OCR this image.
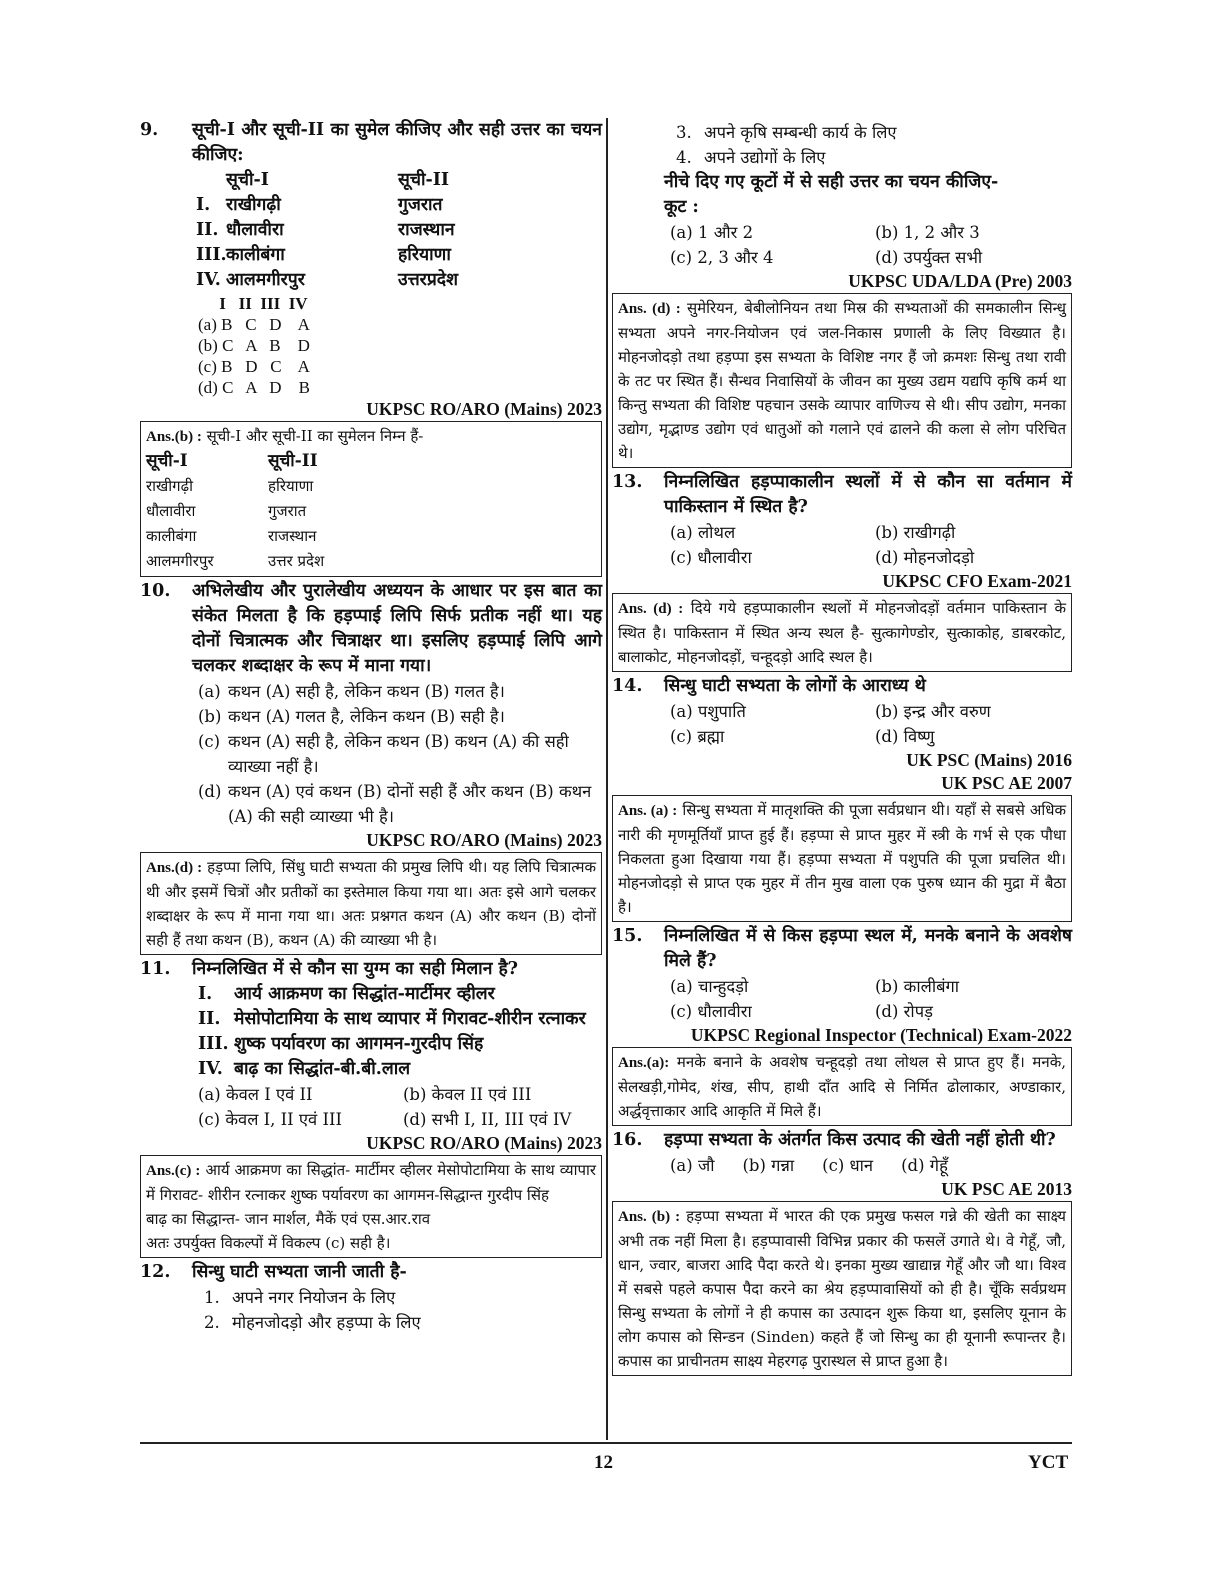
9.	सूची-I और सूची-II का सुमेल कीजिए और सही उत्तर का चयन कीजिए:
सूची-I	सूची-II
I. राखीगढ़ी	गुजरात
II. धौलावीरा	राजस्थान
III. कालीबंगा	हरियाणा
IV. आलमगीरपुर	उत्तरप्रदेश
I   II  III  IV
(a) B   C   D    A
(b) C   A   B    D
(c) B   D   C    A
(d) C   A   D    B
UKPSC RO/ARO (Mains) 2023
Ans.(b) : सूची-I और सूची-II का सुमेलन निम्न हैं-
सूची-I	सूची-II
राखीगढ़ी	हरियाणा
धौलावीरा	गुजरात
कालीबंगा	राजस्थान
आलमगीरपुर	उत्तर प्रदेश
10.	अभिलेखीय और पुरालेखीय अध्ययन के आधार पर इस बात का संकेत मिलता है कि हड़प्पाई लिपि सिर्फ प्रतीक नहीं था। यह दोनों चित्रात्मक और चित्राक्षर था। इसलिए हड़प्पाई लिपि आगे चलकर शब्दाक्षर के रूप में माना गया।
(a) कथन (A) सही है, लेकिन कथन (B) गलत है।
(b) कथन (A) गलत है, लेकिन कथन (B) सही है।
(c) कथन (A) सही है, लेकिन कथन (B) कथन (A) की सही व्याख्या नहीं है।
(d) कथन (A) एवं कथन (B) दोनों सही हैं और कथन (B) कथन (A) की सही व्याख्या भी है।
UKPSC RO/ARO (Mains) 2023
Ans.(d) : हड़प्पा लिपि, सिंधु घाटी सभ्यता की प्रमुख लिपि थी। यह लिपि चित्रात्मक थी और इसमें चित्रों और प्रतीकों का इस्तेमाल किया गया था। अतः इसे आगे चलकर शब्दाक्षर के रूप में माना गया था। अतः प्रश्नगत कथन (A) और कथन (B) दोनों सही हैं तथा कथन (B), कथन (A) की व्याख्या भी है।
11.	निम्नलिखित में से कौन सा युग्म का सही मिलान है?
I.	आर्य आक्रमण का सिद्धांत-मार्टीमर व्हीलर
II. मेसोपोटामिया के साथ व्यापार में गिरावट-शीरीन रत्नाकर
III. शुष्क पर्यावरण का आगमन-गुरदीप सिंह
IV. बाढ़ का सिद्धांत-बी.बी.लाल
(a) केवल I एवं II	(b) केवल II एवं III
(c) केवल I, II एवं III	(d) सभी I, II, III एवं IV
UKPSC RO/ARO (Mains) 2023
Ans.(c) : आर्य आक्रमण का सिद्धांत- मार्टीमर व्हीलर मेसोपोटामिया के साथ व्यापार में गिरावट- शीरीन रत्नाकर शुष्क पर्यावरण का आगमन-सिद्धान्त गुरदीप सिंह
बाढ़ का सिद्धान्त- जान मार्शल, मैकें एवं एस.आर.राव
अतः उपर्युक्त विकल्पों में विकल्प (c) सही है।
12.	सिन्धु घाटी सभ्यता जानी जाती है-
1. अपने नगर नियोजन के लिए
2. मोहनजोदड़ो और हड़प्पा के लिए
3. अपने कृषि सम्बन्धी कार्य के लिए
4. अपने उद्योगों के लिए
नीचे दिए गए कूटों में से सही उत्तर का चयन कीजिए-
कूट :
(a) 1 और 2	(b) 1, 2 और 3
(c) 2, 3 और 4	(d) उपर्युक्त सभी
UKPSC UDA/LDA (Pre) 2003
Ans. (d) : सुमेरियन, बेबीलोनियन तथा मिस्र की सभ्यताओं की समकालीन सिन्धु सभ्यता अपने नगर-नियोजन एवं जल-निकास प्रणाली के लिए विख्यात है। मोहनजोदड़ो तथा हड़प्पा इस सभ्यता के विशिष्ट नगर हैं जो क्रमशः सिन्धु तथा रावी के तट पर स्थित हैं। सैन्धव निवासियों के जीवन का मुख्य उद्यम यद्यपि कृषि कर्म था किन्तु सभ्यता की विशिष्ट पहचान उसके व्यापार वाणिज्य से थी। सीप उद्योग, मनका उद्योग, मृद्भाण्ड उद्योग एवं धातुओं को गलाने एवं ढालने की कला से लोग परिचित थे।
13.	निम्नलिखित हड़प्पाकालीन स्थलों में से कौन सा वर्तमान में पाकिस्तान में स्थित है?
(a) लोथल	(b) राखीगढ़ी
(c) धौलावीरा	(d) मोहनजोदड़ो
UKPSC CFO Exam-2021
Ans. (d) : दिये गये हड़प्पाकालीन स्थलों में मोहनजोदड़ों वर्तमान पाकिस्तान के स्थित है। पाकिस्तान में स्थित अन्य स्थल है- सुत्कागेण्डोर, सुत्काकोह, डाबरकोट, बालाकोट, मोहनजोदड़ों, चन्हूदड़ो आदि स्थल है।
14.	सिन्धु घाटी सभ्यता के लोगों के आराध्य थे
(a) पशुपाति	(b) इन्द्र और वरुण
(c) ब्रह्मा	(d) विष्णु
UK PSC (Mains) 2016
UK PSC AE 2007
Ans. (a) : सिन्धु सभ्यता में मातृशक्ति की पूजा सर्वप्रधान थी। यहाँ से सबसे अधिक नारी की मृणमूर्तियाँ प्राप्त हुई हैं। हड़प्पा से प्राप्त मुहर में स्त्री के गर्भ से एक पौधा निकलता हुआ दिखाया गया हैं। हड़प्पा सभ्यता में पशुपति की पूजा प्रचलित थी। मोहनजोदड़ो से प्राप्त एक मुहर में तीन मुख वाला एक पुरुष ध्यान की मुद्रा में बैठा है।
15.	निम्नलिखित में से किस हड़प्पा स्थल में, मनके बनाने के अवशेष मिले हैं?
(a) चान्हुदड़ो	(b) कालीबंगा
(c) धौलावीरा	(d) रोपड़
UKPSC Regional Inspector (Technical) Exam-2022
Ans.(a): मनके बनाने के अवशेष चन्हूदड़ो तथा लोथल से प्राप्त हुए हैं। मनके, सेलखड़ी,गोमेद, शंख, सीप, हाथी दाँत आदि से निर्मित ढोलाकार, अण्डाकार, अर्द्धवृत्ताकार आदि आकृति में मिले हैं।
16.	हड़प्पा सभ्यता के अंतर्गत किस उत्पाद की खेती नहीं होती थी?
(a) जौ (b) गन्ना (c) धान (d) गेहूँ
UK PSC AE 2013
Ans. (b) : हड़प्पा सभ्यता में भारत की एक प्रमुख फसल गन्ने की खेती का साक्ष्य अभी तक नहीं मिला है। हड़प्पावासी विभिन्न प्रकार की फसलें उगाते थे। वे गेहूँ, जौ, धान, ज्वार, बाजरा आदि पैदा करते थे। इनका मुख्य खाद्यान्न गेहूँ और जौ था। विश्व में सबसे पहले कपास पैदा करने का श्रेय हड़प्पावासियों को ही है। चूँकि सर्वप्रथम सिन्धु सभ्यता के लोगों ने ही कपास का उत्पादन शुरू किया था, इसलिए यूनान के लोग कपास को सिन्डन (Sinden) कहते हैं जो सिन्धु का ही यूनानी रूपान्तर है। कपास का प्राचीनतम साक्ष्य मेहरगढ़ पुरास्थल से प्राप्त हुआ है।
12	YCT
